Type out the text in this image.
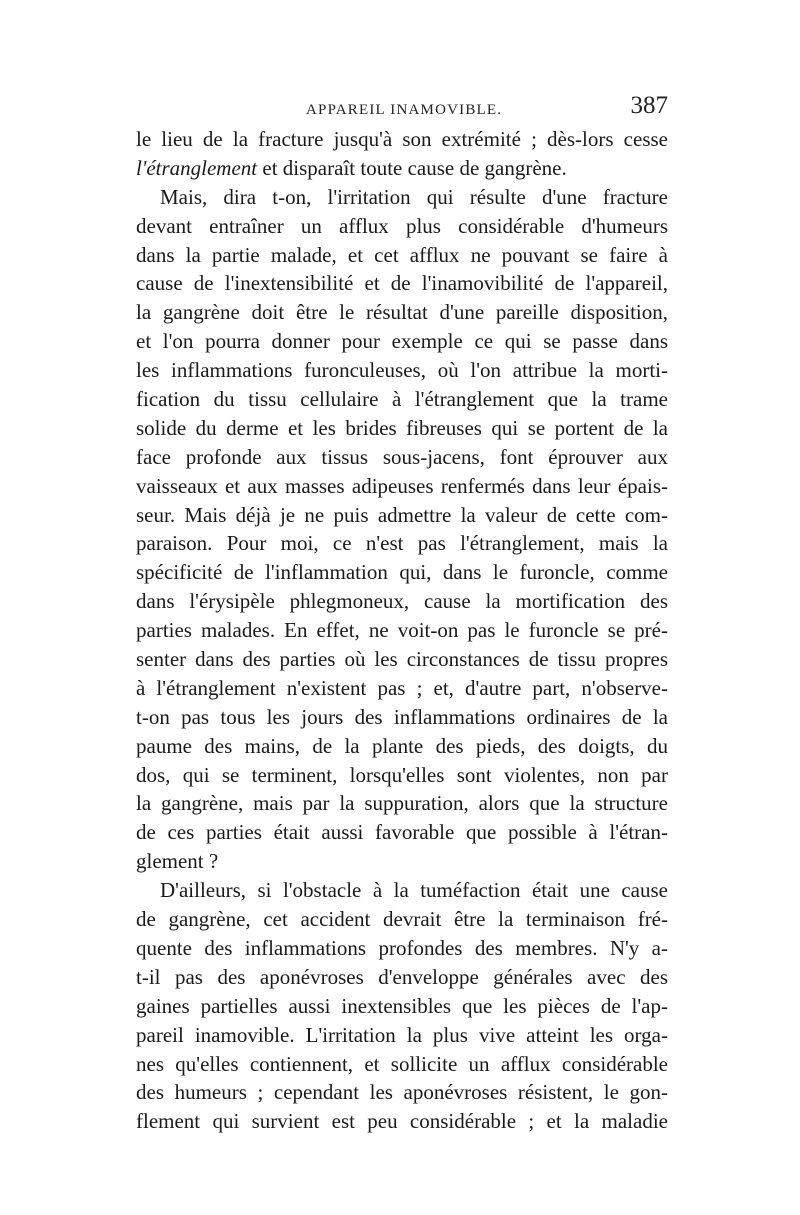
APPAREIL INAMOVIBLE.	387
le lieu de la fracture jusqu'à son extrémité ; dès-lors cesse
l'étranglement et disparaît toute cause de gangrène.
Mais, dira t-on, l'irritation qui résulte d'une fracture
devant entraîner un afflux plus considérable d'humeurs
dans la partie malade, et cet afflux ne pouvant se faire à
cause de l'inextensibilité et de l'inamovibilité de l'appareil,
la gangrène doit être le résultat d'une pareille disposition,
et l'on pourra donner pour exemple ce qui se passe dans
les inflammations furonculeuses, où l'on attribue la morti-
fication du tissu cellulaire à l'étranglement que la trame
solide du derme et les brides fibreuses qui se portent de la
face profonde aux tissus sous-jacens, font éprouver aux
vaisseaux et aux masses adipeuses renfermés dans leur épais-
seur. Mais déjà je ne puis admettre la valeur de cette com-
paraison. Pour moi, ce n'est pas l'étranglement, mais la
spécificité de l'inflammation qui, dans le furoncle, comme
dans l'érysipèle phlegmoneux, cause la mortification des
parties malades. En effet, ne voit-on pas le furoncle se pré-
senter dans des parties où les circonstances de tissu propres
à l'étranglement n'existent pas ; et, d'autre part, n'observe-
t-on pas tous les jours des inflammations ordinaires de la
paume des mains, de la plante des pieds, des doigts, du
dos, qui se terminent, lorsqu'elles sont violentes, non par
la gangrène, mais par la suppuration, alors que la structure
de ces parties était aussi favorable que possible à l'étran-
glement ?
D'ailleurs, si l'obstacle à la tuméfaction était une cause
de gangrène, cet accident devrait être la terminaison fré-
quente des inflammations profondes des membres. N'y a-
t-il pas des aponévroses d'enveloppe générales avec des
gaines partielles aussi inextensibles que les pièces de l'ap-
pareil inamovible. L'irritation la plus vive atteint les orga-
nes qu'elles contiennent, et sollicite un afflux considérable
des humeurs ; cependant les aponévroses résistent, le gon-
flement qui survient est peu considérable ; et la maladie
